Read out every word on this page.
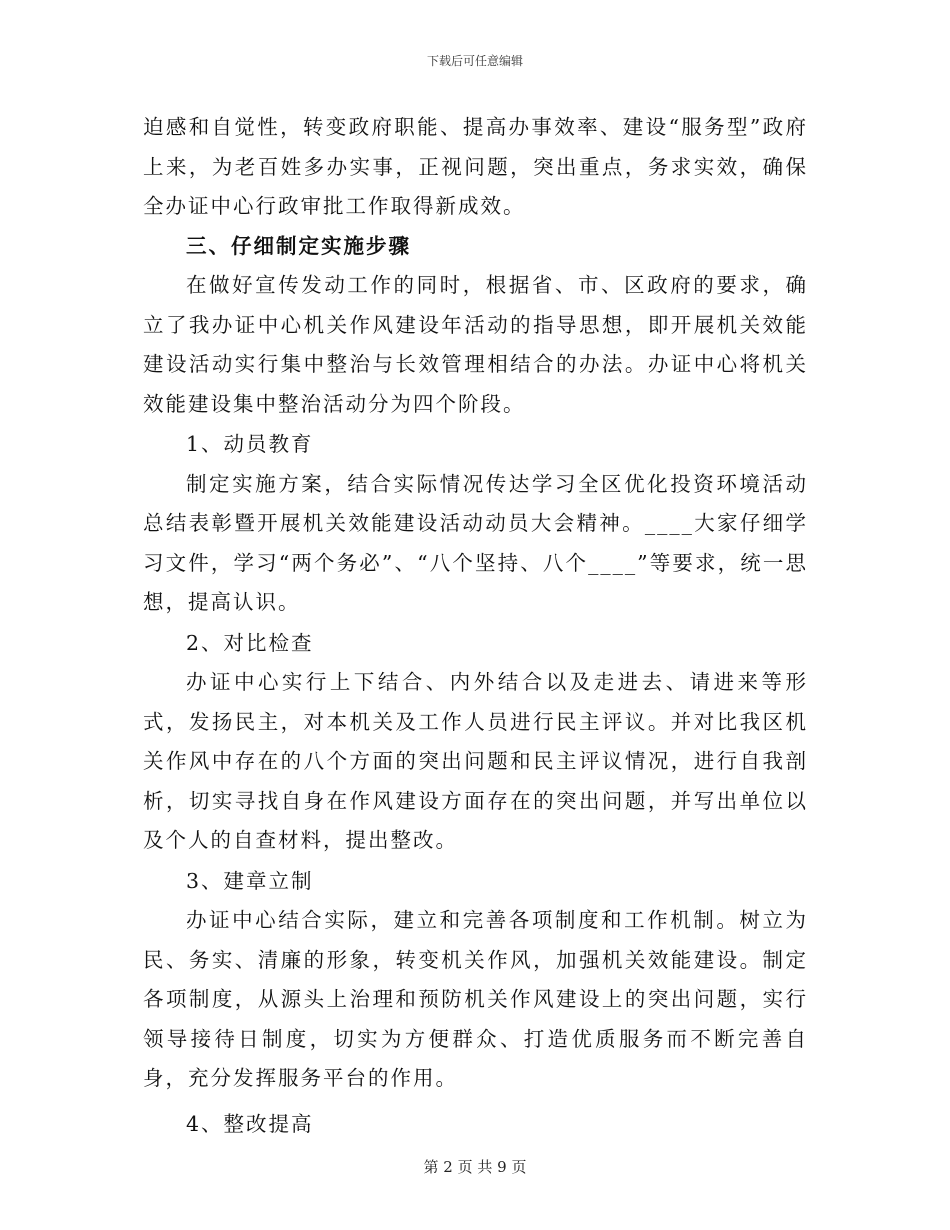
下载后可任意编辑

迫感和自觉性，转变政府职能、提高办事效率、建设“服务型”政府上来，为老百姓多办实事，正视问题，突出重点，务求实效，确保全办证中心行政审批工作取得新成效。

三、仔细制定实施步骤

在做好宣传发动工作的同时，根据省、市、区政府的要求，确立了我办证中心机关作风建设年活动的指导思想，即开展机关效能建设活动实行集中整治与长效管理相结合的办法。办证中心将机关效能建设集中整治活动分为四个阶段。

1、动员教育

制定实施方案，结合实际情况传达学习全区优化投资环境活动总结表彰暨开展机关效能建设活动动员大会精神。____大家仔细学习文件，学习“两个务必”、“八个坚持、八个____”等要求，统一思想，提高认识。

2、对比检查

办证中心实行上下结合、内外结合以及走进去、请进来等形式，发扬民主，对本机关及工作人员进行民主评议。并对比我区机关作风中存在的八个方面的突出问题和民主评议情况，进行自我剖析，切实寻找自身在作风建设方面存在的突出问题，并写出单位以及个人的自查材料，提出整改。

3、建章立制

办证中心结合实际，建立和完善各项制度和工作机制。树立为民、务实、清廉的形象，转变机关作风，加强机关效能建设。制定各项制度，从源头上治理和预防机关作风建设上的突出问题，实行领导接待日制度，切实为方便群众、打造优质服务而不断完善自身，充分发挥服务平台的作用。

4、整改提高

第 2 页 共 9 页
